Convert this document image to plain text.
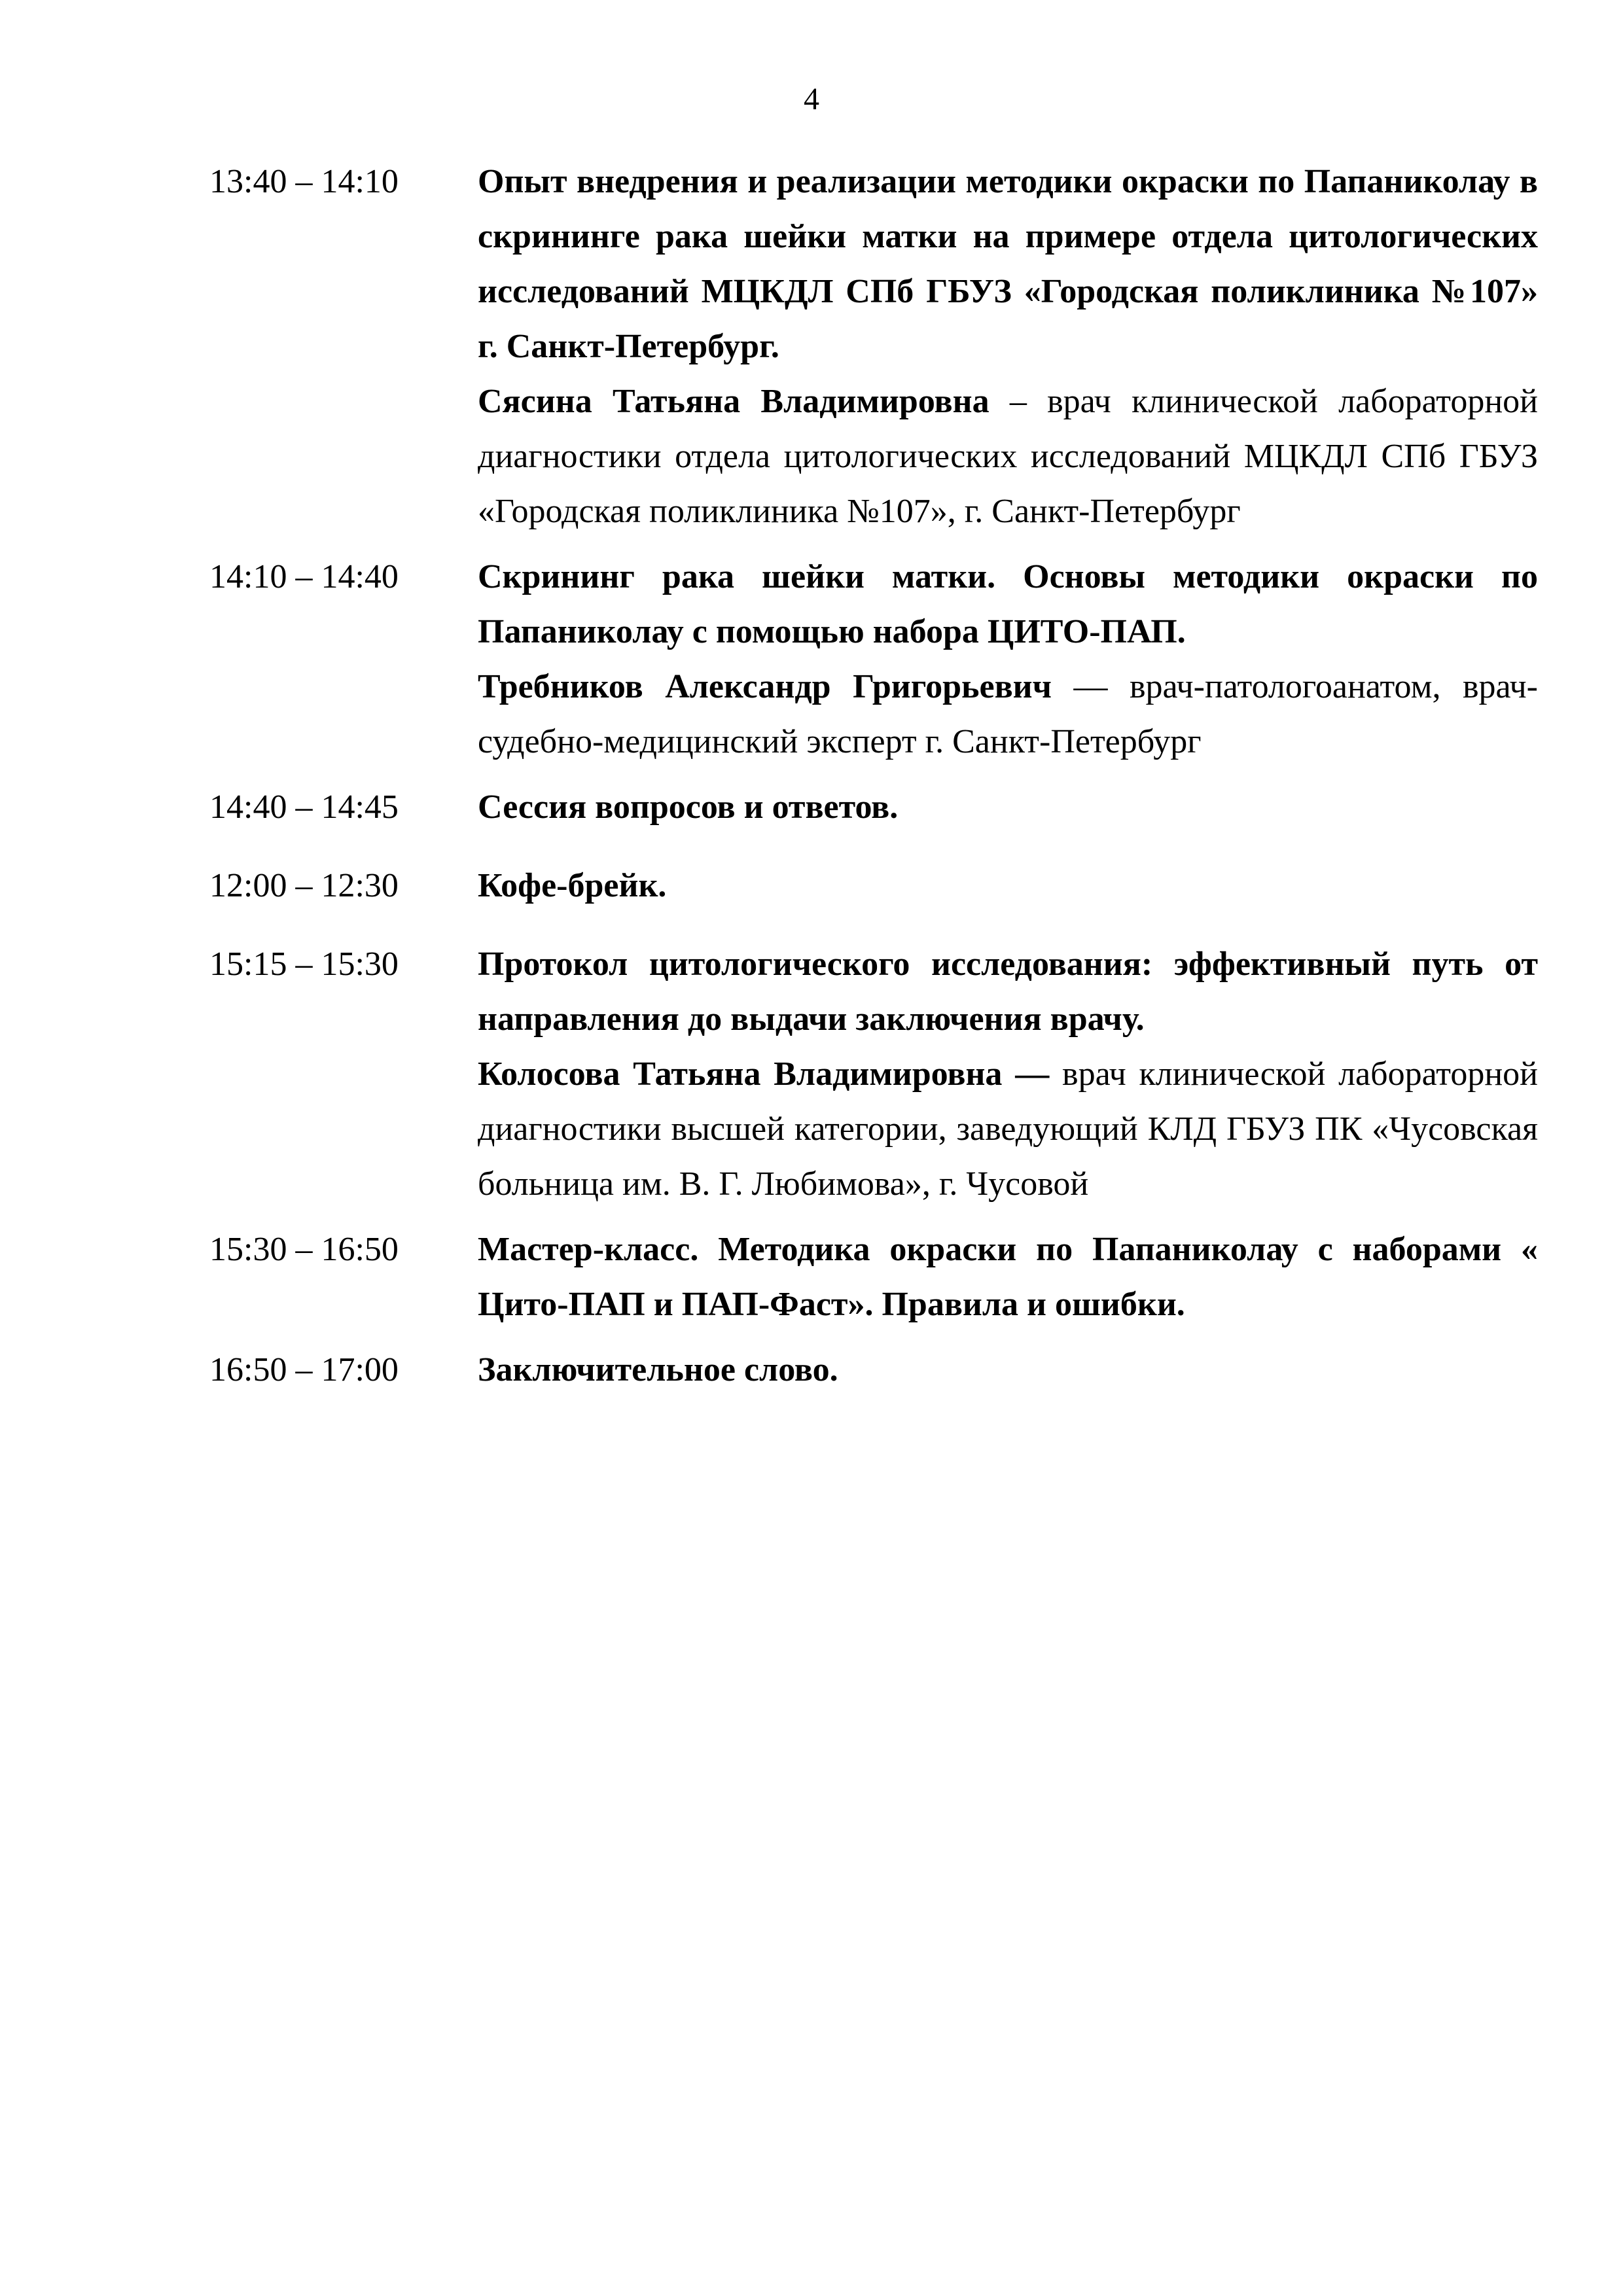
4
13:40 – 14:10	Опыт внедрения и реализации методики окраски по Папаниколау в скрининге рака шейки матки на примере отдела цитологических исследований МЦКДЛ СПб ГБУЗ «Городская поликлиника №107» г. Санкт-Петербург.
Сясина Татьяна Владимировна – врач клинической лабораторной диагностики отдела цитологических исследований МЦКДЛ СПб ГБУЗ «Городская поликлиника №107», г. Санкт-Петербург
14:10 – 14:40	Скрининг рака шейки матки. Основы методики окраски по Папаниколау с помощью набора ЦИТО-ПАП.
Требников Александр Григорьевич — врач-патологоанатом, врач-судебно-медицинский эксперт г. Санкт-Петербург
14:40 – 14:45	Сессия вопросов и ответов.
12:00 – 12:30	Кофе-брейк.
15:15 – 15:30	Протокол цитологического исследования: эффективный путь от направления до выдачи заключения врачу.
Колосова Татьяна Владимировна — врач клинической лабораторной диагностики высшей категории, заведующий КЛД ГБУЗ ПК «Чусовская больница им. В. Г. Любимова», г. Чусовой
15:30 – 16:50	Мастер-класс. Методика окраски по Папаниколау с наборами « Цито-ПАП и ПАП-Фаст». Правила и ошибки.
16:50 – 17:00	Заключительное слово.
